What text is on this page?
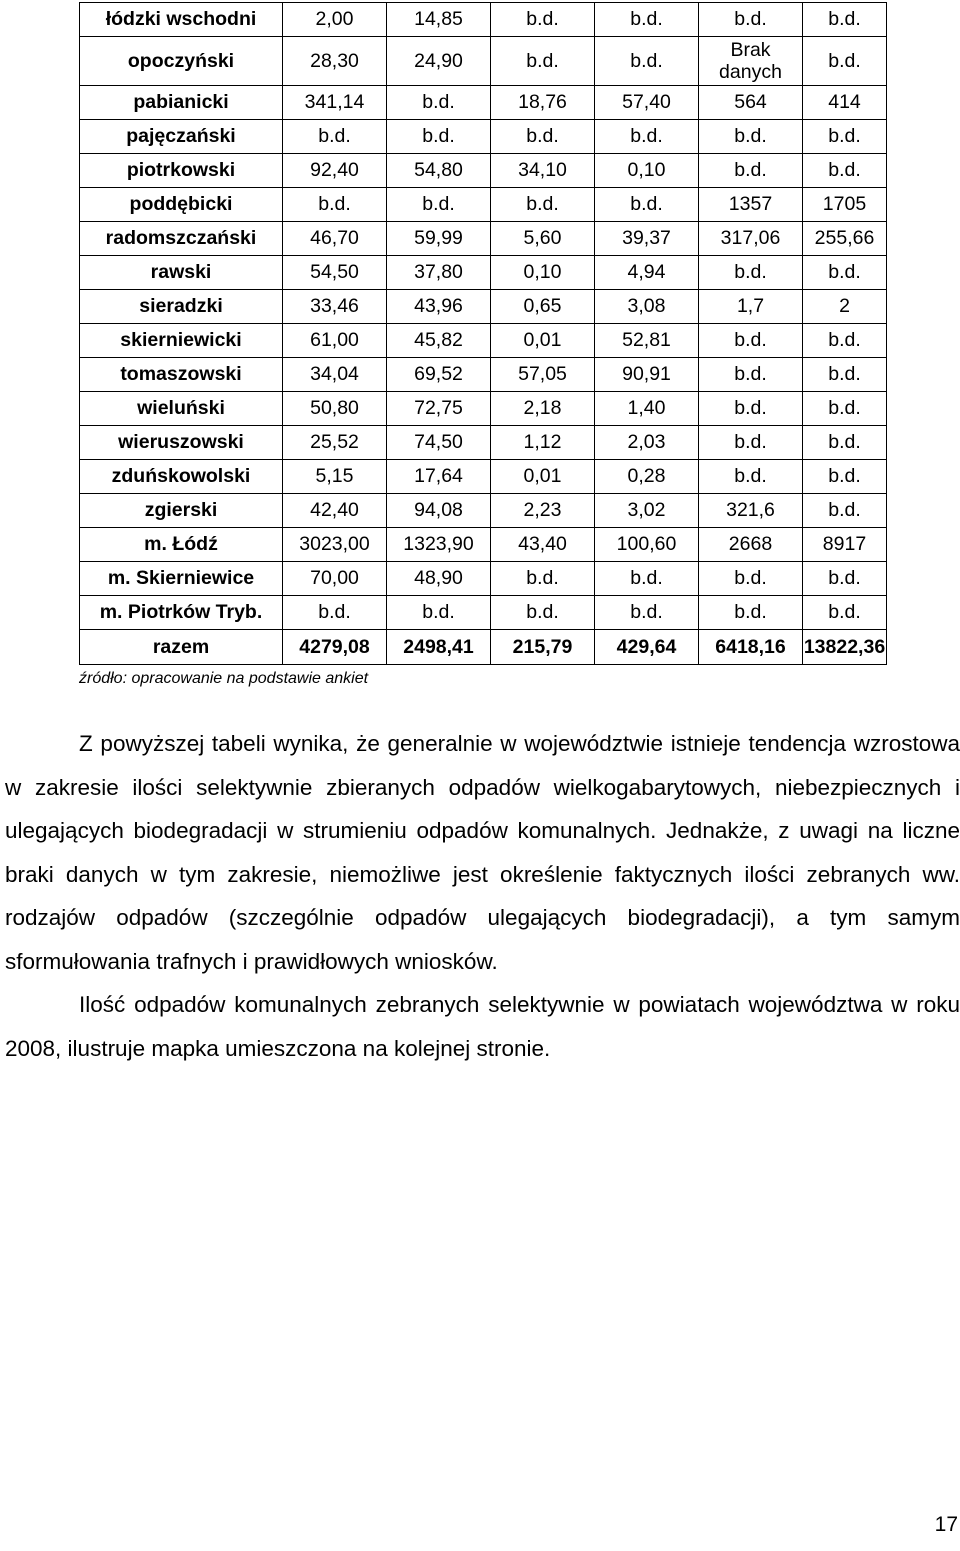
łódzki wschodni	2,00	14,85	b.d.	b.d.	b.d.	b.d.
opoczyński	28,30	24,90	b.d.	b.d.	Brak danych	b.d.
pabianicki	341,14	b.d.	18,76	57,40	564	414
pajęczański	b.d.	b.d.	b.d.	b.d.	b.d.	b.d.
piotrkowski	92,40	54,80	34,10	0,10	b.d.	b.d.
poddębicki	b.d.	b.d.	b.d.	b.d.	1357	1705
radomszczański	46,70	59,99	5,60	39,37	317,06	255,66
rawski	54,50	37,80	0,10	4,94	b.d.	b.d.
sieradzki	33,46	43,96	0,65	3,08	1,7	2
skierniewicki	61,00	45,82	0,01	52,81	b.d.	b.d.
tomaszowski	34,04	69,52	57,05	90,91	b.d.	b.d.
wieluński	50,80	72,75	2,18	1,40	b.d.	b.d.
wieruszowski	25,52	74,50	1,12	2,03	b.d.	b.d.
zduńskowolski	5,15	17,64	0,01	0,28	b.d.	b.d.
zgierski	42,40	94,08	2,23	3,02	321,6	b.d.
m. Łódź	3023,00	1323,90	43,40	100,60	2668	8917
m. Skierniewice	70,00	48,90	b.d.	b.d.	b.d.	b.d.
m. Piotrków Tryb.	b.d.	b.d.	b.d.	b.d.	b.d.	b.d.
razem	4279,08	2498,41	215,79	429,64	6418,16	13822,36
źródło: opracowanie na podstawie ankiet

Z powyższej tabeli wynika, że generalnie w województwie istnieje tendencja wzrostowa w zakresie ilości selektywnie zbieranych odpadów wielkogabarytowych, niebezpiecznych i ulegających biodegradacji w strumieniu odpadów komunalnych. Jednakże, z uwagi na liczne braki danych w tym zakresie, niemożliwe jest określenie faktycznych ilości zebranych ww. rodzajów odpadów (szczególnie odpadów ulegających biodegradacji), a tym samym sformułowania trafnych i prawidłowych wniosków.

Ilość odpadów komunalnych zebranych selektywnie w powiatach województwa w roku 2008, ilustruje mapka umieszczona na kolejnej stronie.

17
